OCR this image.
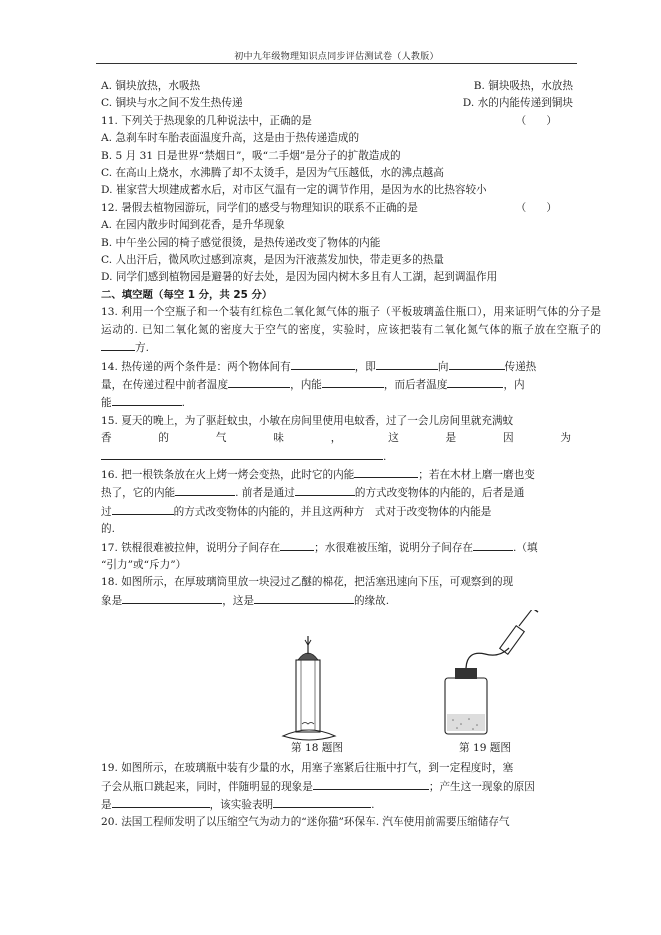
初中九年级物理知识点同步评估测试卷（人教版）
A. 铜块放热，水吸热	B. 铜块吸热，水放热
C. 铜块与水之间不发生热传递	D. 水的内能传递到铜块
11. 下列关于热现象的几种说法中，正确的是	（      ）
A. 急刹车时车胎表面温度升高，这是由于热传递造成的
B. 5 月 31 日是世界“禁烟日”，吸“二手烟”是分子的扩散造成的
C. 在高山上烧水，水沸腾了却不太烫手，是因为气压越低，水的沸点越高
D. 崔家营大坝建成蓄水后，对市区气温有一定的调节作用，是因为水的比热容较小
12. 暑假去植物园游玩，同学们的感受与物理知识的联系不正确的是	（      ）
A. 在园内散步时闻到花香，是升华现象
B. 中午坐公园的椅子感觉很烫，是热传递改变了物体的内能
C. 人出汗后，微风吹过感到凉爽，是因为汗液蒸发加快，带走更多的热量
D. 同学们感到植物园是避暑的好去处，是因为园内树木多且有人工湖，起到调温作用
二、填空题（每空 1 分，共 25 分）
13. 利用一个空瓶子和一个装有红棕色二氧化氮气体的瓶子（平板玻璃盖住瓶口），用来证明气体的分子是运动的. 已知二氧化氮的密度大于空气的密度，实验时，应该把装有二氧化氮气体的瓶子放在空瓶子的方.
14. 热传递的两个条件是：两个物体间有	，即	向	传递热
量，在传递过程中前者温度	，内能	，而后者温度	，内
能	.
15. 夏天的晚上，为了驱赶蚊虫，小敏在房间里使用电蚊香，过了一会儿房间里就充满蚊
香	的	气	味	，	这	是	因	为
.
16. 把一根铁条放在火上烤一烤会变热，此时它的内能	；若在木材上磨一磨也变
热了，它的内能	. 前者是通过	的方式改变物体的内能的，后者是通
过	的方式改变物体的内能的，并且这两种方　式对于改变物体的内能是
的.
17. 铁棍很难被拉伸，说明分子间存在	；水很难被压缩，说明分子间存在	.（填
“引力”或“斥力”）
18. 如图所示，在厚玻璃筒里放一块浸过乙醚的棉花，把活塞迅速向下压，可观察到的现
象是	，这是	的缘故.
第 18 题图	第 19 题图
19. 如图所示，在玻璃瓶中装有少量的水，用塞子塞紧后往瓶中打气，到一定程度时，塞
子会从瓶口跳起来，同时，伴随明显的现象是	；产生这一现象的原因
是	，该实验表明	.
20. 法国工程师发明了以压缩空气为动力的“迷你猫”环保车. 汽车使用前需要压缩储存气
